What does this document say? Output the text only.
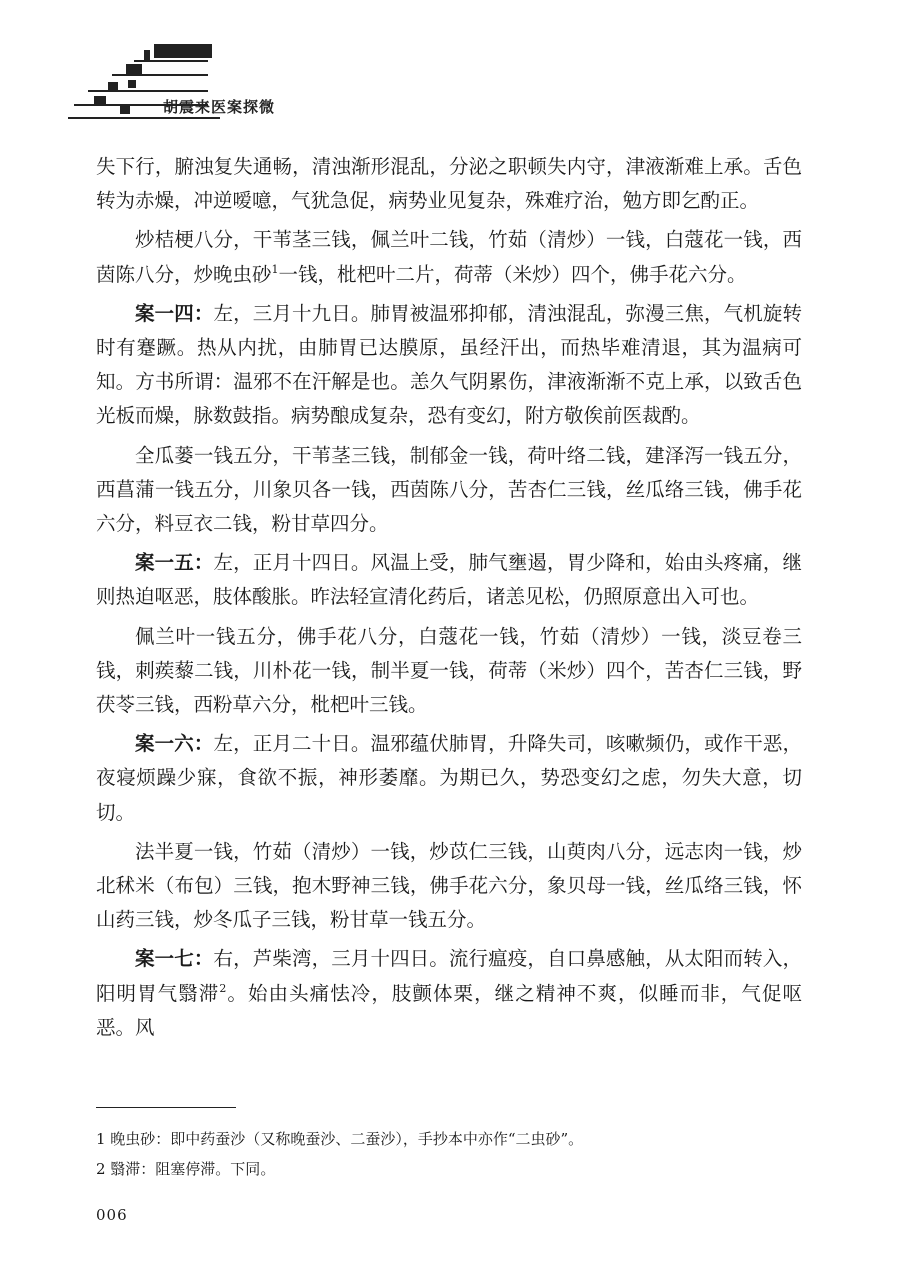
胡震来医案探微

失下行，腑浊复失通畅，清浊渐形混乱，分泌之职顿失内守，津液渐难上承。舌色转为赤燥，冲逆嗳噫，气犹急促，病势业见复杂，殊难疗治，勉方即乞酌正。

炒桔梗八分，干苇茎三钱，佩兰叶二钱，竹茹（清炒）一钱，白蔻花一钱，西茵陈八分，炒晚虫砂$^1$一钱，枇杷叶二片，荷蒂（米炒）四个，佛手花六分。

案一四：左，三月十九日。肺胃被温邪抑郁，清浊混乱，弥漫三焦，气机旋转时有蹇蹶。热从内扰，由肺胃已达膜原，虽经汗出，而热毕难清退，其为温病可知。方书所谓：温邪不在汗解是也。恙久气阴累伤，津液渐渐不克上承，以致舌色光板而燥，脉数鼓指。病势酿成复杂，恐有变幻，附方敬俟前医裁酌。

全瓜蒌一钱五分，干苇茎三钱，制郁金一钱，荷叶络二钱，建泽泻一钱五分，西菖蒲一钱五分，川象贝各一钱，西茵陈八分，苦杏仁三钱，丝瓜络三钱，佛手花六分，料豆衣二钱，粉甘草四分。

案一五：左，正月十四日。风温上受，肺气壅遏，胃少降和，始由头疼痛，继则热迫呕恶，肢体酸胀。昨法轻宣清化药后，诸恙见松，仍照原意出入可也。

佩兰叶一钱五分，佛手花八分，白蔻花一钱，竹茹（清炒）一钱，淡豆卷三钱，刺蒺藜二钱，川朴花一钱，制半夏一钱，荷蒂（米炒）四个，苦杏仁三钱，野茯苓三钱，西粉草六分，枇杷叶三钱。

案一六：左，正月二十日。温邪蕴伏肺胃，升降失司，咳嗽频仍，或作干恶，夜寝烦躁少寐，食欲不振，神形萎靡。为期已久，势恐变幻之虑，勿失大意，切切。

法半夏一钱，竹茹（清炒）一钱，炒苡仁三钱，山萸肉八分，远志肉一钱，炒北秫米（布包）三钱，抱木野神三钱，佛手花六分，象贝母一钱，丝瓜络三钱，怀山药三钱，炒冬瓜子三钱，粉甘草一钱五分。

案一七：右，芦柴湾，三月十四日。流行瘟疫，自口鼻感触，从太阳而转入，阳明胃气翳滞$^2$。始由头痛怯冷，肢颤体栗，继之精神不爽，似睡而非，气促呕恶。风

1 晚虫砂：即中药蚕沙（又称晚蚕沙、二蚕沙），手抄本中亦作“二虫砂”。

2 翳滞：阻塞停滞。下同。

006
